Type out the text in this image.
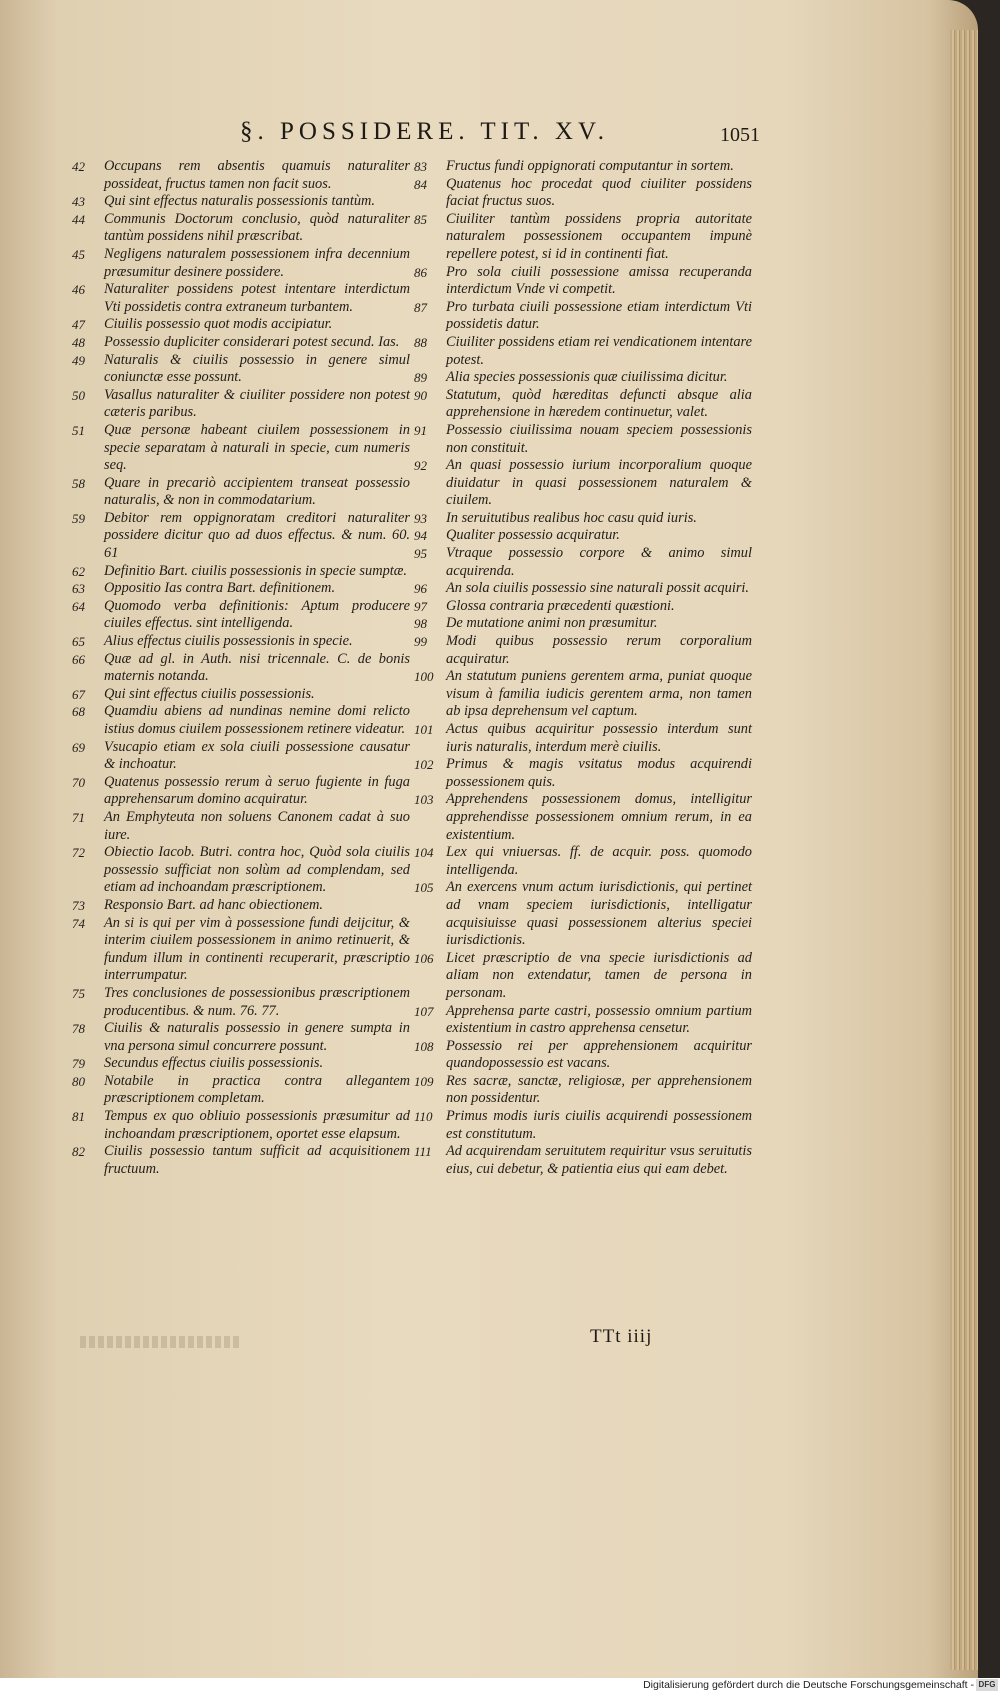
§. POSSIDERE. TIT. XV.	1051
42	Occupans rem absentis quamuis naturaliter possideat, fructus tamen non facit suos.
43	Qui sint effectus naturalis possessionis tantùm.
44	Communis Doctorum conclusio, quòd naturaliter tantùm possidens nihil præscribat.
45	Negligens naturalem possessionem infra decennium præsumitur desinere possidere.
46	Naturaliter possidens potest intentare interdictum Vti possidetis contra extraneum turbantem.
47	Ciuilis possessio quot modis accipiatur.
48	Possessio dupliciter considerari potest secund. Ias.
49	Naturalis & ciuilis possessio in genere simul coniunctæ esse possunt.
50	Vasallus naturaliter & ciuiliter possidere non potest cæteris paribus.
51	Quæ personæ habeant ciuilem possessionem in specie separatam à naturali in specie, cum numeris seq.
58	Quare in precariò accipientem transeat possessio naturalis, & non in commodatarium.
59	Debitor rem oppignoratam creditori naturaliter possidere dicitur quo ad duos effectus. & num. 60. 61
62	Definitio Bart. ciuilis possessionis in specie sumptæ.
63	Oppositio Ias contra Bart. definitionem.
64	Quomodo verba definitionis: Aptum producere ciuiles effectus. sint intelligenda.
65	Alius effectus ciuilis possessionis in specie.
66	Quæ ad gl. in Auth. nisi tricennale. C. de bonis maternis notanda.
67	Qui sint effectus ciuilis possessionis.
68	Quamdiu abiens ad nundinas nemine domi relicto istius domus ciuilem possessionem retinere videatur.
69	Vsucapio etiam ex sola ciuili possessione causatur & inchoatur.
70	Quatenus possessio rerum à seruo fugiente in fuga apprehensarum domino acquiratur.
71	An Emphyteuta non soluens Canonem cadat à suo iure.
72	Obiectio Iacob. Butri. contra hoc, Quòd sola ciuilis possessio sufficiat non solùm ad complendam, sed etiam ad inchoandam præscriptionem.
73	Responsio Bart. ad hanc obiectionem.
74	An si is qui per vim à possessione fundi deijcitur, & interim ciuilem possessionem in animo retinuerit, & fundum illum in continenti recuperarit, præscriptio interrumpatur.
75	Tres conclusiones de possessionibus præscriptionem producentibus. & num. 76. 77.
78	Ciuilis & naturalis possessio in genere sumpta in vna persona simul concurrere possunt.
79	Secundus effectus ciuilis possessionis.
80	Notabile in practica contra allegantem præscriptionem completam.
81	Tempus ex quo obliuio possessionis præsumitur ad inchoandam præscriptionem, oportet esse elapsum.
82	Ciuilis possessio tantum sufficit ad acquisitionem fructuum.
83	Fructus fundi oppignorati computantur in sortem.
84	Quatenus hoc procedat quod ciuiliter possidens faciat fructus suos.
85	Ciuiliter tantùm possidens propria autoritate naturalem possessionem occupantem impunè repellere potest, si id in continenti fiat.
86	Pro sola ciuili possessione amissa recuperanda interdictum Vnde vi competit.
87	Pro turbata ciuili possessione etiam interdictum Vti possidetis datur.
88	Ciuiliter possidens etiam rei vendicationem intentare potest.
89	Alia species possessionis quæ ciuilissima dicitur.
90	Statutum, quòd hæreditas defuncti absque alia apprehensione in hæredem continuetur, valet.
91	Possessio ciuilissima nouam speciem possessionis non constituit.
92	An quasi possessio iurium incorporalium quoque diuidatur in quasi possessionem naturalem & ciuilem.
93	In seruitutibus realibus hoc casu quid iuris.
94	Qualiter possessio acquiratur.
95	Vtraque possessio corpore & animo simul acquirenda.
96	An sola ciuilis possessio sine naturali possit acquiri.
97	Glossa contraria præcedenti quæstioni.
98	De mutatione animi non præsumitur.
99	Modi quibus possessio rerum corporalium acquiratur.
100 An statutum puniens gerentem arma, puniat quoque visum à familia iudicis gerentem arma, non tamen ab ipsa deprehensum vel captum.
101 Actus quibus acquiritur possessio interdum sunt iuris naturalis, interdum merè ciuilis.
102 Primus & magis vsitatus modus acquirendi possessionem quis.
103 Apprehendens possessionem domus, intelligitur apprehendisse possessionem omnium rerum, in ea existentium.
104 Lex qui vniuersas. ff. de acquir. poss. quomodo intelligenda.
105 An exercens vnum actum iurisdictionis, qui pertinet ad vnam speciem iurisdictionis, intelligatur acquisiuisse quasi possessionem alterius speciei iurisdictionis.
106 Licet præscriptio de vna specie iurisdictionis ad aliam non extendatur, tamen de persona in personam.
107 Apprehensa parte castri, possessio omnium partium existentium in castro apprehensa censetur.
108 Possessio rei per apprehensionem acquiritur quandopossessio est vacans.
109 Res sacræ, sanctæ, religiosæ, per apprehensionem non possidentur.
110 Primus modis iuris ciuilis acquirendi possessionem est constitutum.
111	Ad acquirendam seruitutem requiritur vsus seruitutis eius, cui debetur, & patientia eius qui eam debet.
TTt iiij
Digitalisierung gefördert durch die Deutsche Forschungsgemeinschaft - DFG
